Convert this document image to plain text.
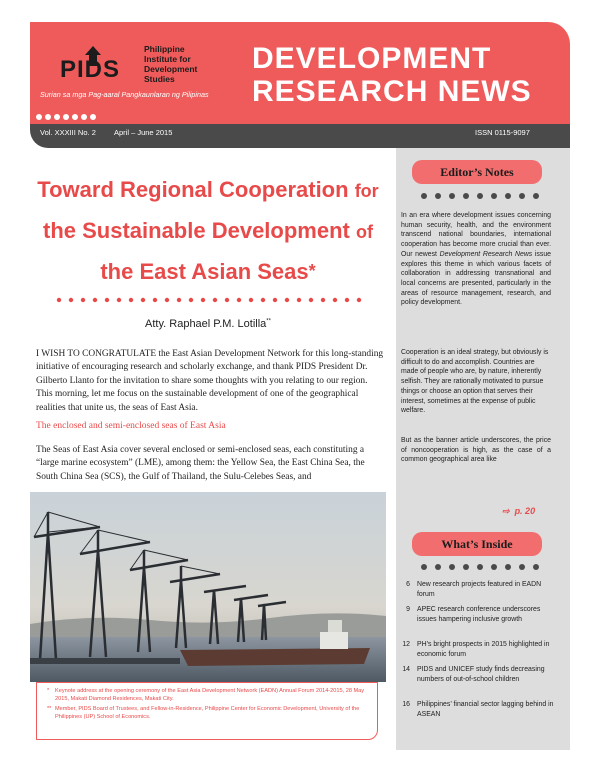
PIDS
Philippine
Institute for
Development
Studies
Surian sa mga Pag-aaral Pangkaunlaran ng Pilipinas
DEVELOPMENT
RESEARCH NEWS
Vol. XXXIII No. 2 April – June 2015	ISSN 0115-9097
Toward Regional Cooperation for
the Sustainable Development of
the East Asian Seas*
Atty. Raphael P.M. Lotilla**
I WISH TO CONGRATULATE the East Asian Development Network for this long-standing initiative of encouraging research and scholarly exchange, and thank PIDS President Dr. Gilberto Llanto for the invitation to share some thoughts with you relating to our region. This morning, let me focus on the sustainable development of one of the geographical realities that unite us, the seas of East Asia.
The enclosed and semi-enclosed seas of East Asia
The Seas of East Asia cover several enclosed or semi-enclosed seas, each constituting a “large marine ecosystem” (LME), among them: the Yellow Sea, the East China Sea, the South China Sea (SCS), the Gulf of Thailand, the Sulu-Celebes Seas, and
* Keynote address at the opening ceremony of the East Asia Development Network (EADN) Annual Forum 2014-2015, 28 May 2015, Makati Diamond Residences, Makati City.
** Member, PIDS Board of Trustees, and Fellow-in-Residence, Philippine Center for Economic Development, University of the Philippines (UP) School of Economics.
Editor’s Notes
In an era where development issues concerning human security, health, and the environment transcend national boundaries, international cooperation has become more crucial than ever. Our newest Development Research News issue explores this theme in which various facets of collaboration in addressing transnational and local concerns are presented, particularly in the areas of resource management, research, and policy development.
Cooperation is an ideal strategy, but obviously is difficult to do and accomplish. Countries are made of people who are, by nature, inherently selfish. They are rationally motivated to pursue things or choose an option that serves their interest, sometimes at the expense of public welfare.
But as the banner article underscores, the price of noncooperation is high, as the case of a common geographical area like
What’s Inside
6 New research projects featured in EADN forum
9 APEC research conference underscores issues hampering inclusive growth
12 PH’s bright prospects in 2015 highlighted in economic forum
14 PIDS and UNICEF study finds decreasing numbers of out-of-school children
16 Philippines’ financial sector lagging behind in ASEAN
⇨ p. 20
